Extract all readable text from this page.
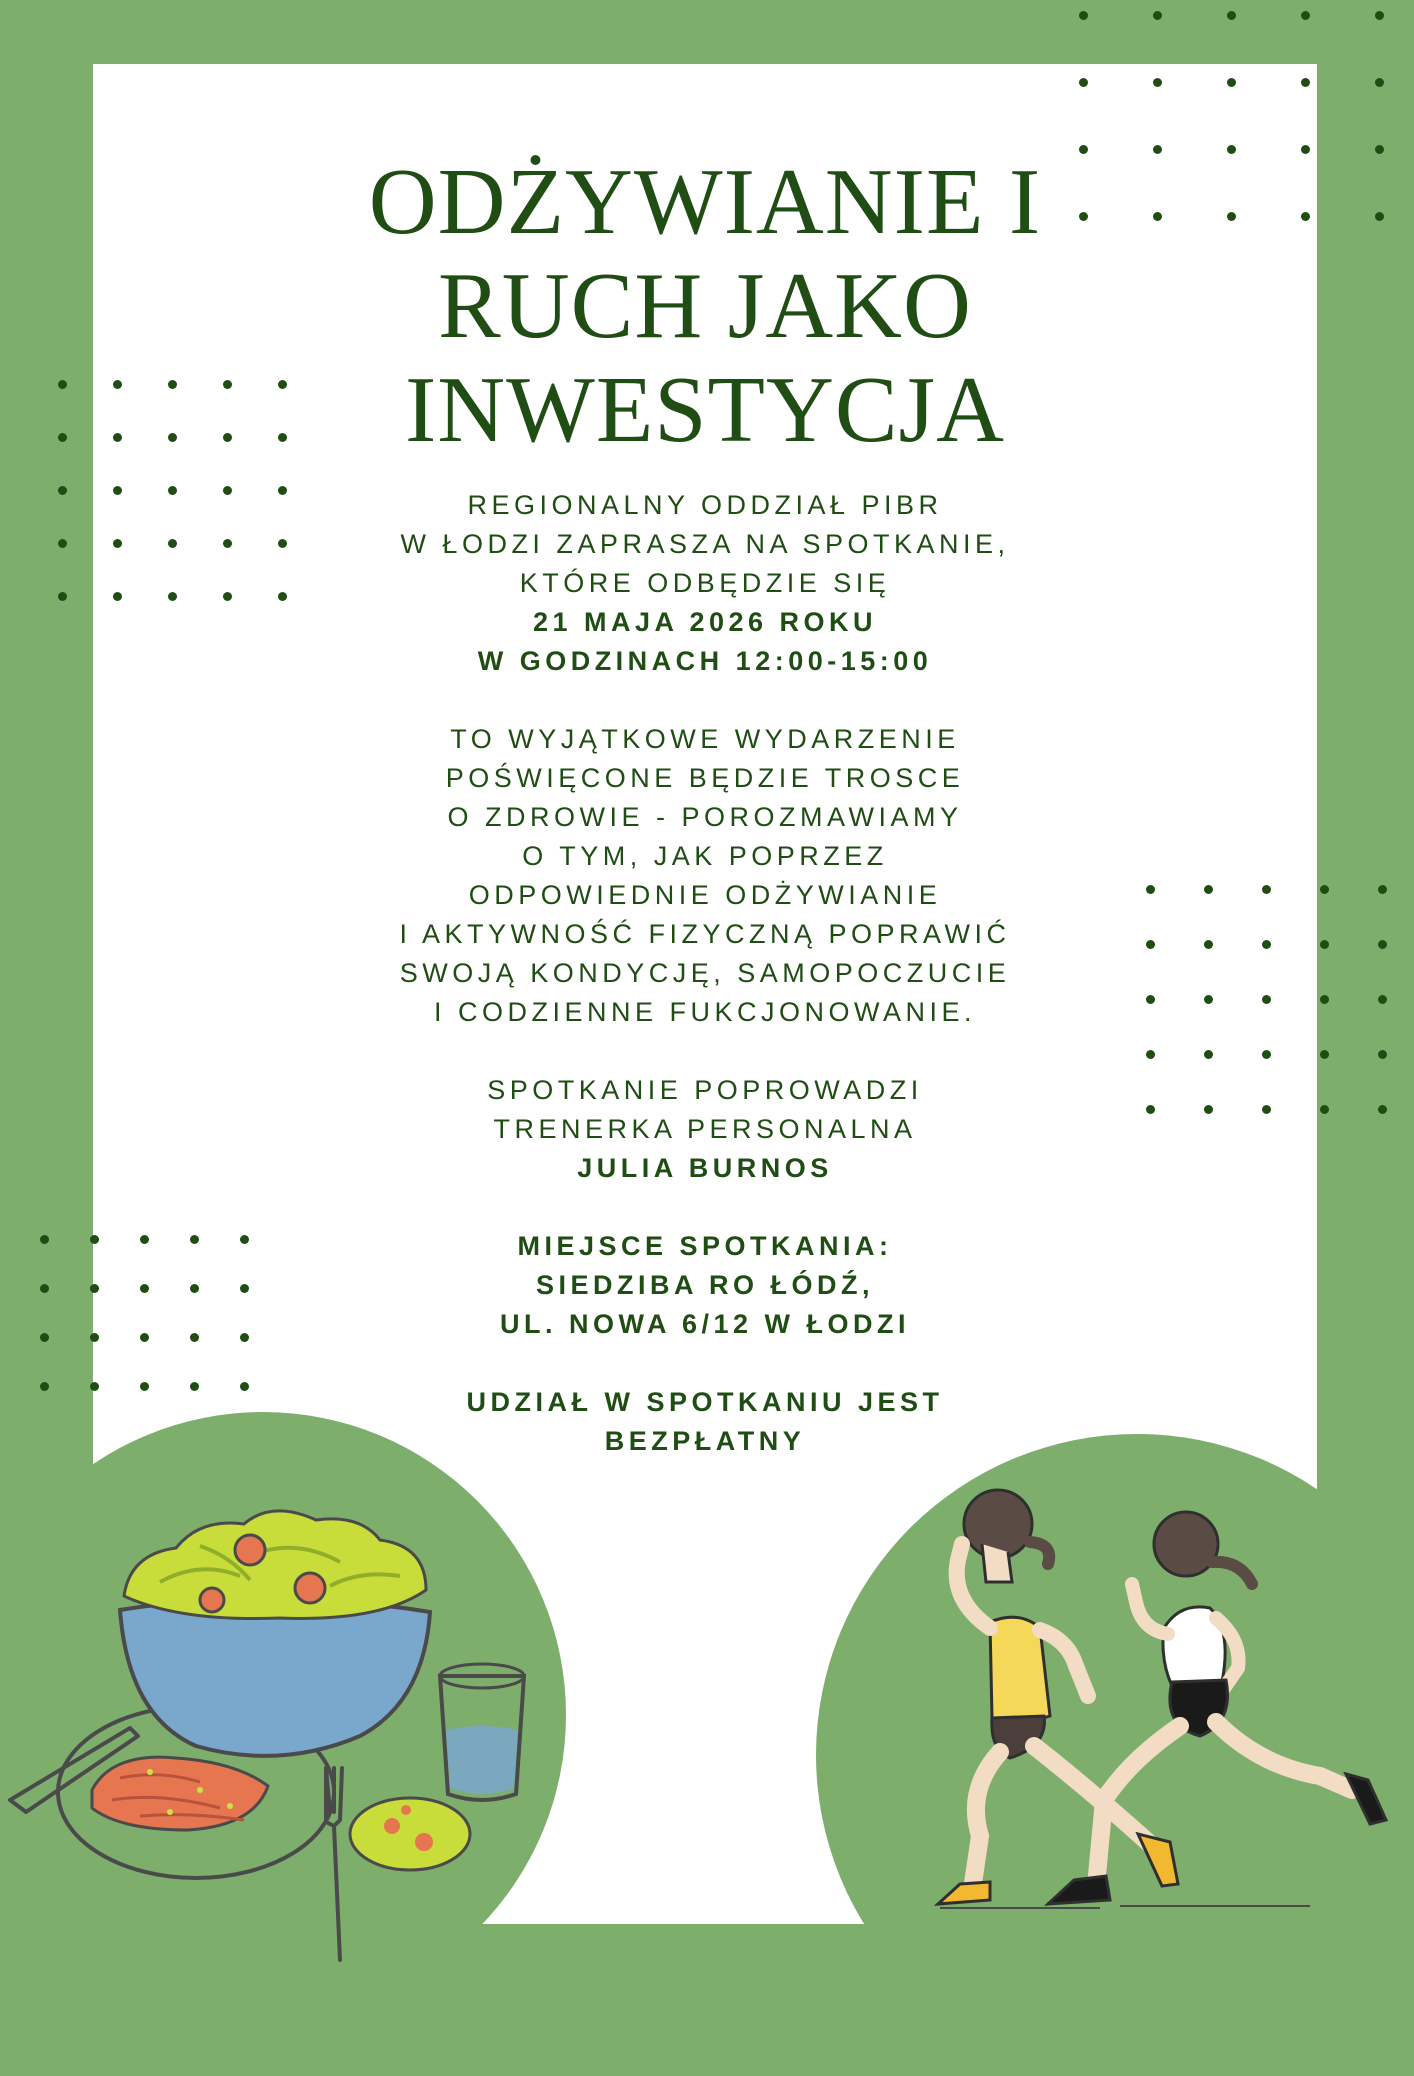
ODŻYWIANIE I
RUCH JAKO
INWESTYCJA

REGIONALNY ODDZIAŁ PIBR

W ŁODZI ZAPRASZA NA SPOTKANIE,

KTÓRE ODBĘDZIE SIĘ

21 MAJA 2026 ROKU

W GODZINACH 12:00-15:00

TO WYJĄTKOWE WYDARZENIE

POŚWIĘCONE BĘDZIE TROSCE

O ZDROWIE - POROZMAWIAMY

O TYM, JAK POPRZEZ

ODPOWIEDNIE ODŻYWIANIE

I AKTYWNOŚĆ FIZYCZNĄ POPRAWIĆ

SWOJĄ KONDYCJĘ, SAMOPOCZUCIE

I CODZIENNE FUKCJONOWANIE.

SPOTKANIE POPROWADZI

TRENERKA PERSONALNA

JULIA BURNOS

MIEJSCE SPOTKANIA:

SIEDZIBA RO ŁÓDŹ,

UL. NOWA 6/12 W ŁODZI

UDZIAŁ W SPOTKANIU JEST

BEZPŁATNY
